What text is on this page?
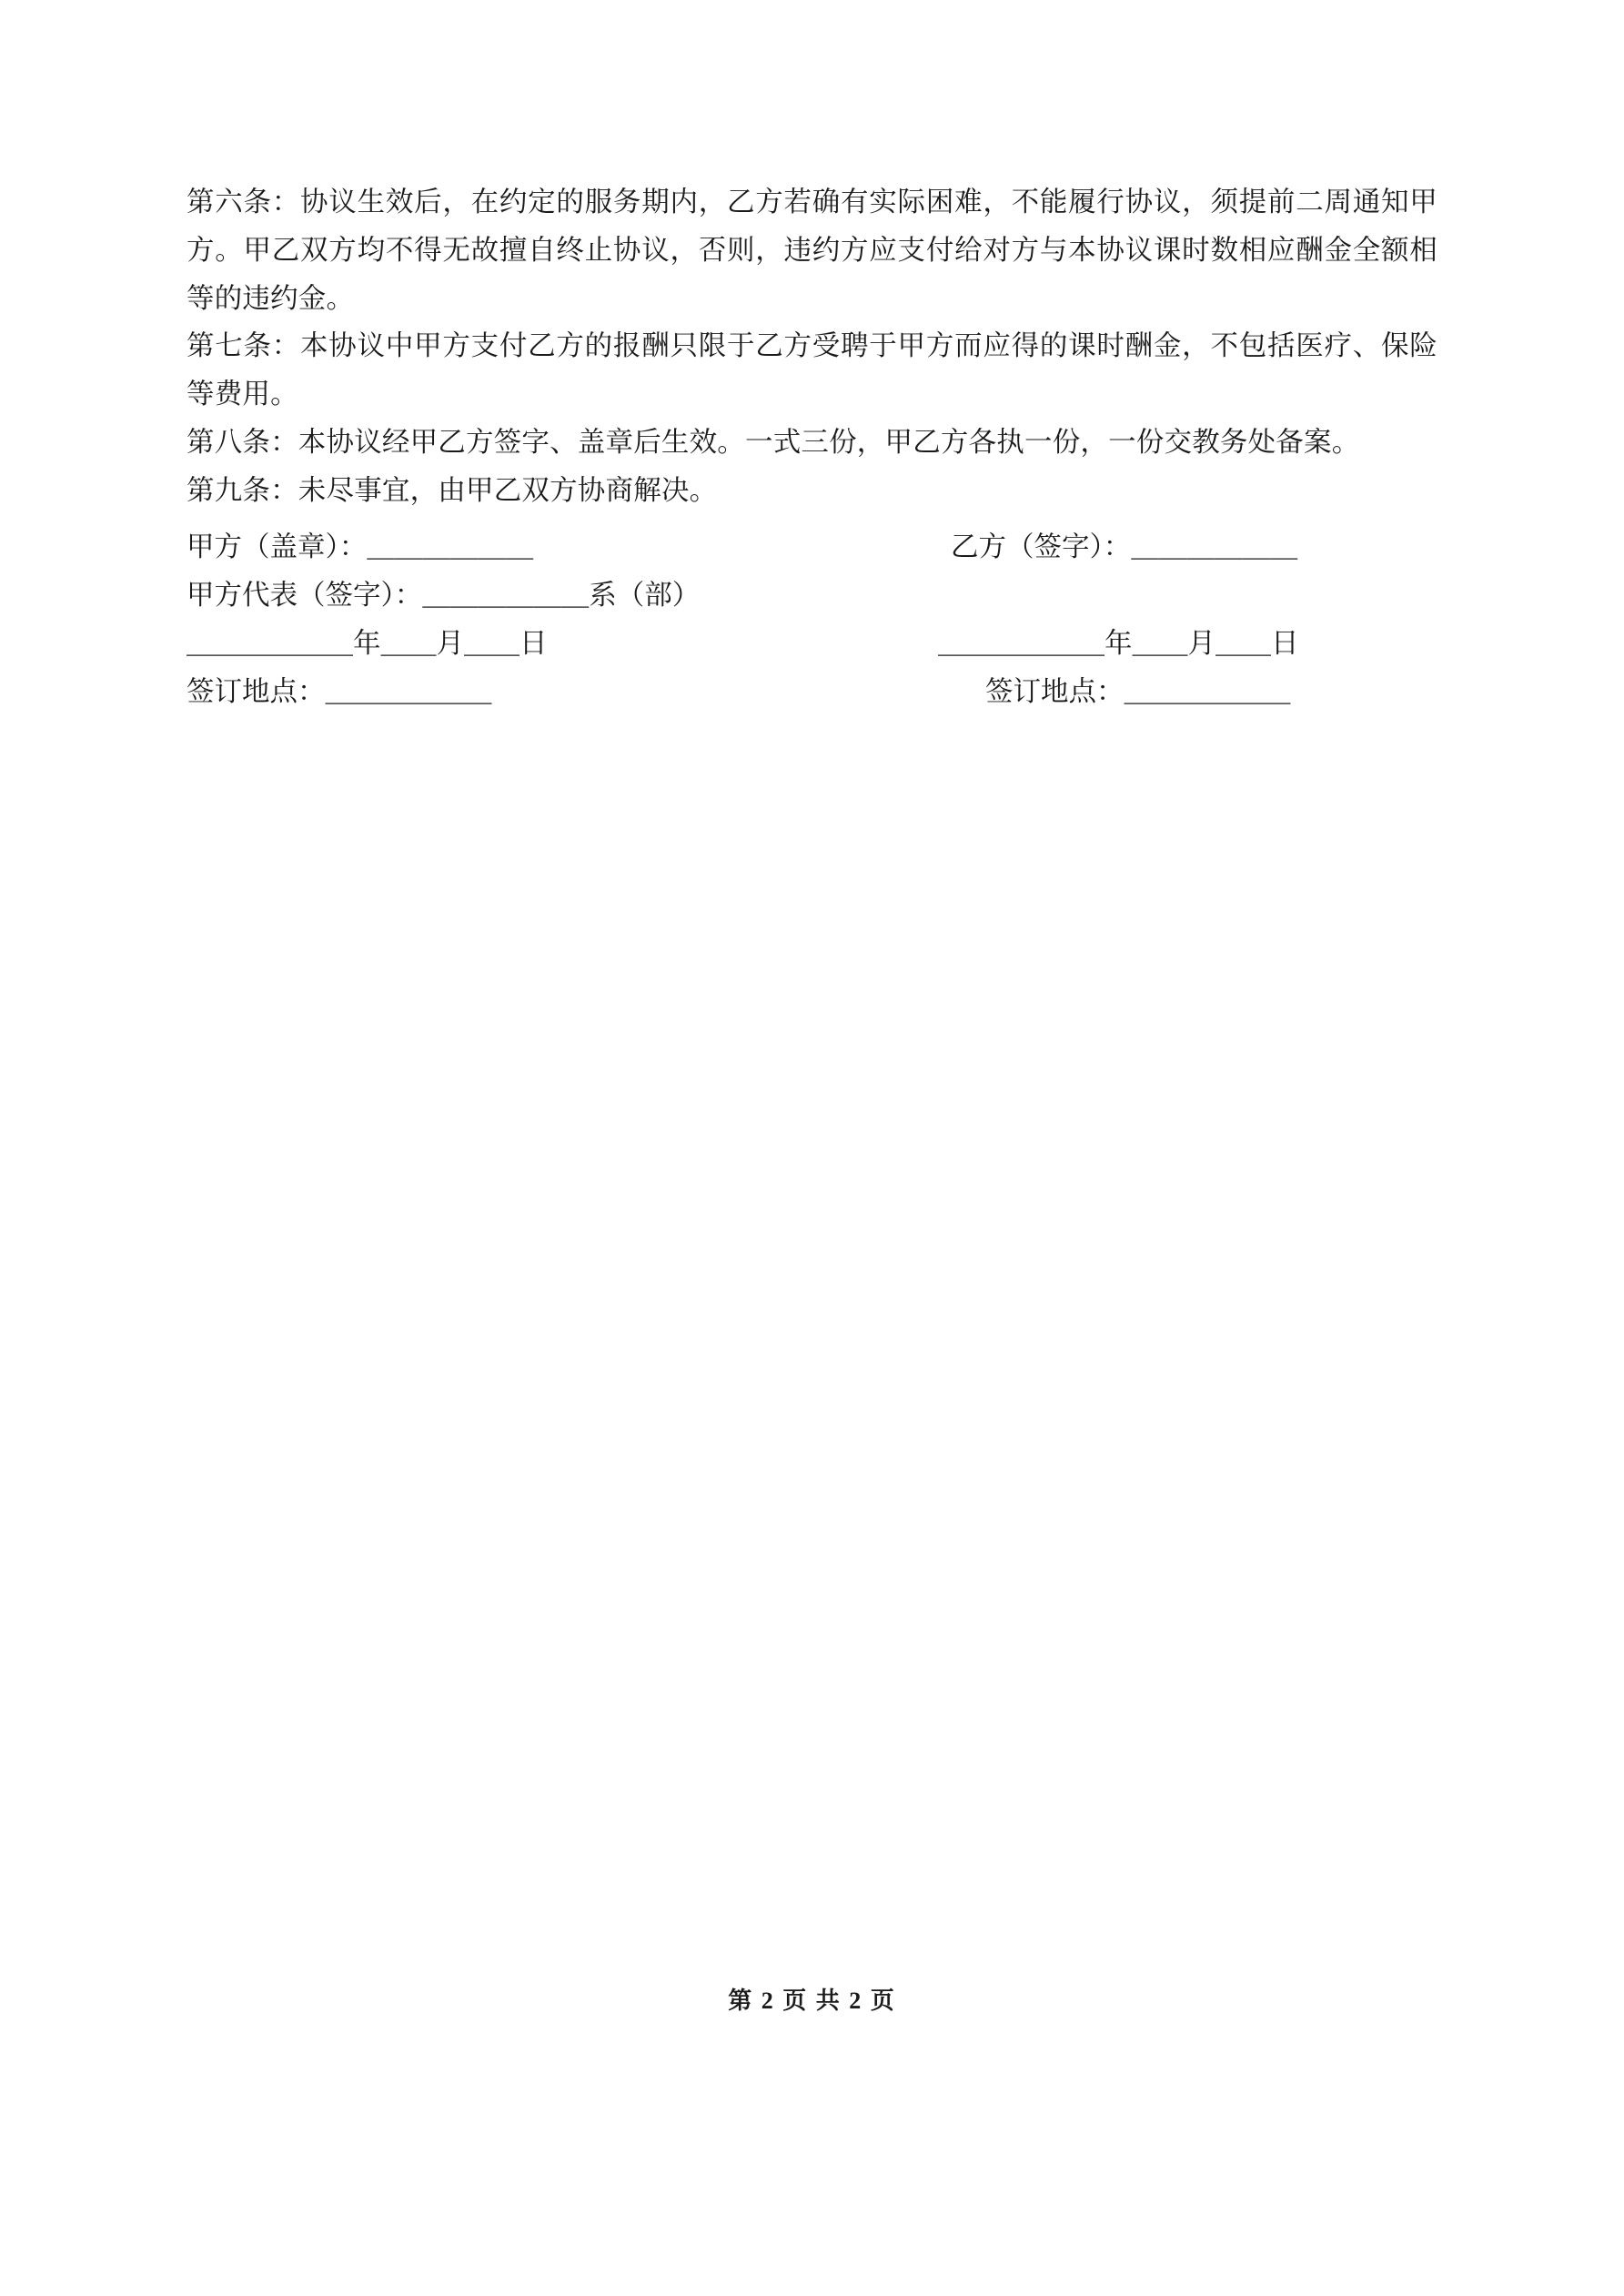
第六条：协议生效后，在约定的服务期内，乙方若确有实际困难，不能履行协议，须提前二周通知甲方。甲乙双方均不得无故擅自终止协议，否则，违约方应支付给对方与本协议课时数相应酬金全额相等的违约金。

第七条：本协议中甲方支付乙方的报酬只限于乙方受聘于甲方而应得的课时酬金，不包括医疗、保险等费用。

第八条：本协议经甲乙方签字、盖章后生效。一式三份，甲乙方各执一份，一份交教务处备案。

第九条：未尽事宜，由甲乙双方协商解决。

甲方（盖章）：＿＿＿＿＿＿	乙方（签字）：＿＿＿＿＿＿
甲方代表（签字）：＿＿＿＿＿＿系（部）
＿＿＿＿＿＿年＿＿月＿＿日	＿＿＿＿＿＿年＿＿月＿＿日
签订地点：＿＿＿＿＿＿	签订地点：＿＿＿＿＿＿
第 2 页 共 2 页
